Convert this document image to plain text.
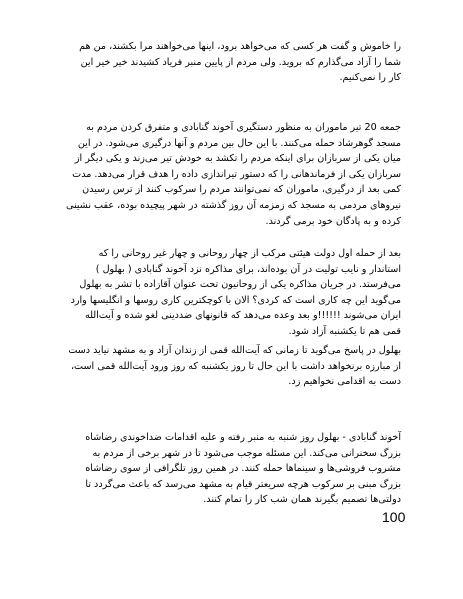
را خاموش و گفت هر کسی که می‌خواهد برود، اینها می‌خواهند مرا بکشند، من هم شما را آزاد می‌گذارم که بروید. ولی مردم از پایین منبر فریاد کشیدند خیر خیر این کار را نمی‌کنیم.

جمعه 20 تیر ماموران به منظور دستگیری آخوند گنابادی و متفرق کردن مردم به مسجد گوهرشاد حمله می‌کنند. با این حال بین مردم و آنها درگیری می‌شود. در این میان یکی از سربازان برای اینکه مردم را تکشد به خودش تیر می‌زند و یکی دیگر از سربازان یکی از فرماندهانی را که دستور تیراندازی داده را هدف قرار می‌دهد. مدت کمی بعد از درگیری، ماموران که نمی‌توانند مردم را سرکوب کنند از ترس رسیدن نیروهای مردمی به مسجد که زمزمه آن روز گذشته در شهر پیچیده بوده، عقب نشینی کرده و به پادگان خود برمی گردند.

بعد از حمله اول دولت هیئتی مرکب از چهار روحانی و چهار غیر روحانی را که استاندار و نایب تولیت در آن بوده‌اند، برای مذاکره نزد آخوند گنابادی ( بهلول ) می‌فرستد. در جریان مذاکره یکی از روحانیون تحت عنوان آقازاده با تشر به بهلول می‌گوید این چه کاری است که کردی؟ الان با کوچکترین کاری روسها و انگلیسها وارد ایران می‌شوند !!!!!!و بعد وعده می‌دهد که قانونهای ضددینی لغو شده و آیت‌الله قمی هم تا یکشنبه آزاد شود.

بهلول در پاسخ می‌گوید تا زمانی که آیت‌الله قمی از زندان آزاد و به مشهد نیاید دست از مبارزه برنخواهد داشت با این حال تا روز یکشنبه که روز ورود آیت‌الله قمی است، دست به اقدامی نخواهیم زد.

آخوند گنابادی - بهلول روز شنبه به منبر رفته و علیه اقدامات ضداخوندی رضاشاه بزرگ سخنرانی می‌کند. این مسئله موجب می‌شود تا در شهر برخی از مردم به مشروب فروشی‌ها و سینماها حمله کنند. در همین روز تلگرافی از سوی رضاشاه بزرگ مبنی بر سرکوب هرچه سریعتر قیام به مشهد می‌رسد که باعث می‌گردد تا دولتی‌ها تصمیم بگیرند همان شب کار را تمام کنند.

100
